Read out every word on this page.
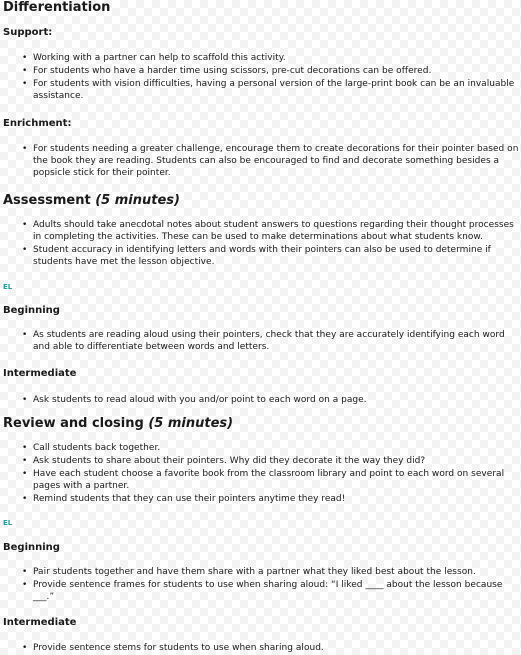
Differentiation
Support:
• Working with a partner can help to scaffold this activity.
• For students who have a harder time using scissors, pre-cut decorations can be offered.
• For students with vision difficulties, having a personal version of the large-print book can be an invaluable assistance.
Enrichment:
• For students needing a greater challenge, encourage them to create decorations for their pointer based on the book they are reading. Students can also be encouraged to find and decorate something besides a popsicle stick for their pointer.
Assessment (5 minutes)
• Adults should take anecdotal notes about student answers to questions regarding their thought processes in completing the activities. These can be used to make determinations about what students know.
• Student accuracy in identifying letters and words with their pointers can also be used to determine if students have met the lesson objective.
EL
Beginning
• As students are reading aloud using their pointers, check that they are accurately identifying each word and able to differentiate between words and letters.
Intermediate
• Ask students to read aloud with you and/or point to each word on a page.
Review and closing (5 minutes)
• Call students back together.
• Ask students to share about their pointers. Why did they decorate it the way they did?
• Have each student choose a favorite book from the classroom library and point to each word on several pages with a partner.
• Remind students that they can use their pointers anytime they read!
EL
Beginning
• Pair students together and have them share with a partner what they liked best about the lesson.
• Provide sentence frames for students to use when sharing aloud: “I liked ____ about the lesson because ___.”
Intermediate
• Provide sentence stems for students to use when sharing aloud.
